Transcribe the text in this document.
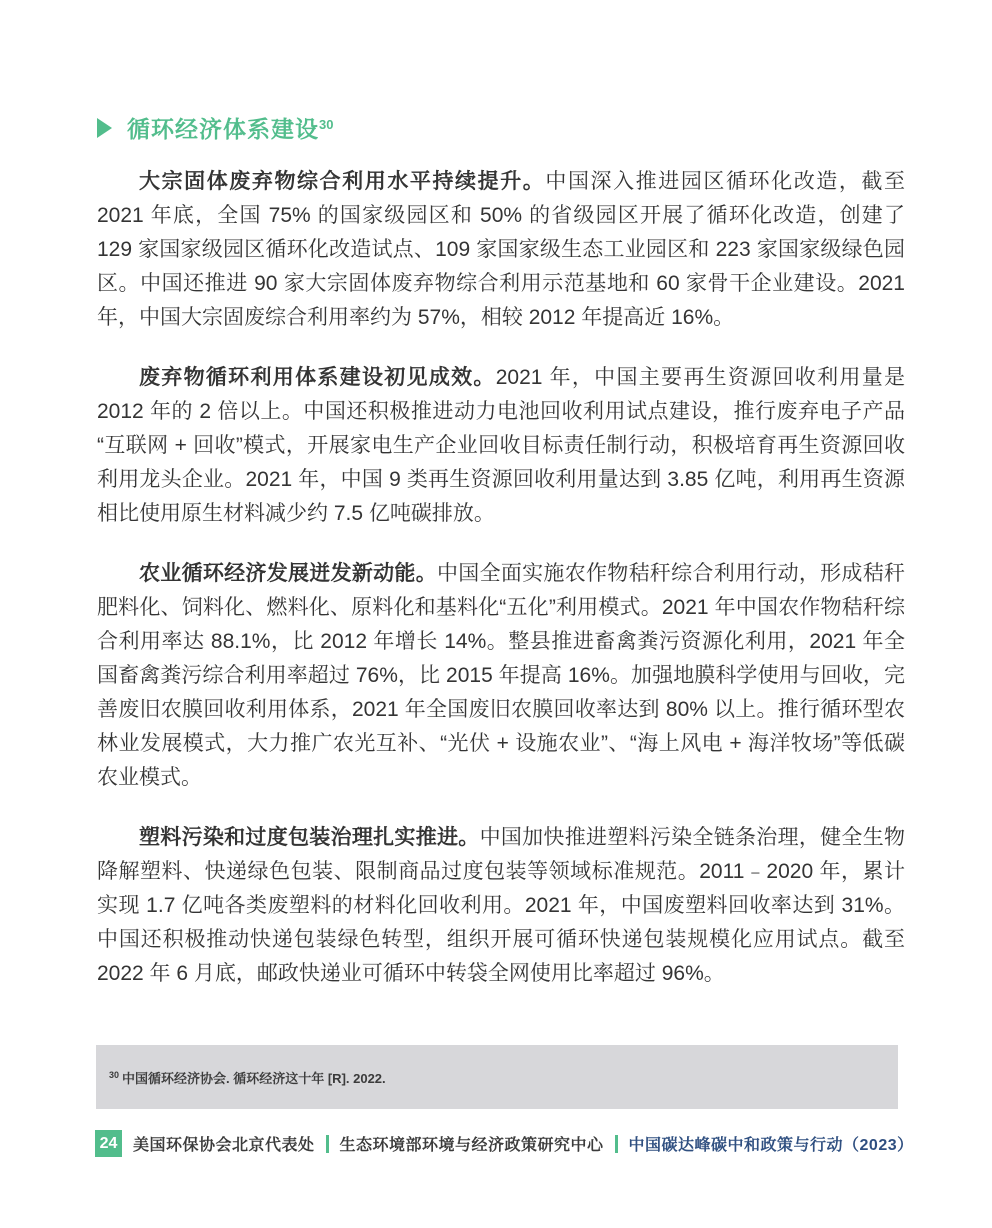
循环经济体系建设$^{30}$

大宗固体废弃物综合利用水平持续提升。中国深入推进园区循环化改造，截至 2021 年底，全国 75% 的国家级园区和 50% 的省级园区开展了循环化改造，创建了 129 家国家级园区循环化改造试点、109 家国家级生态工业园区和 223 家国家级绿色园区。中国还推进 90 家大宗固体废弃物综合利用示范基地和 60 家骨干企业建设。2021 年，中国大宗固废综合利用率约为 57%，相较 2012 年提高近 16%。

废弃物循环利用体系建设初见成效。2021 年，中国主要再生资源回收利用量是 2012 年的 2 倍以上。中国还积极推进动力电池回收利用试点建设，推行废弃电子产品“互联网 + 回收”模式，开展家电生产企业回收目标责任制行动，积极培育再生资源回收利用龙头企业。2021 年，中国 9 类再生资源回收利用量达到 3.85 亿吨，利用再生资源相比使用原生材料减少约 7.5 亿吨碳排放。

农业循环经济发展迸发新动能。中国全面实施农作物秸秆综合利用行动，形成秸秆肥料化、饲料化、燃料化、原料化和基料化“五化”利用模式。2021 年中国农作物秸秆综合利用率达 88.1%，比 2012 年增长 14%。整县推进畜禽粪污资源化利用，2021 年全国畜禽粪污综合利用率超过 76%，比 2015 年提高 16%。加强地膜科学使用与回收，完善废旧农膜回收利用体系，2021 年全国废旧农膜回收率达到 80% 以上。推行循环型农林业发展模式，大力推广农光互补、“光伏 + 设施农业”、“海上风电 + 海洋牧场”等低碳农业模式。

塑料污染和过度包装治理扎实推进。中国加快推进塑料污染全链条治理，健全生物降解塑料、快递绿色包装、限制商品过度包装等领域标准规范。2011﹣2020 年，累计实现 1.7 亿吨各类废塑料的材料化回收利用。2021 年，中国废塑料回收率达到 31%。中国还积极推动快递包装绿色转型，组织开展可循环快递包装规模化应用试点。截至 2022 年 6 月底，邮政快递业可循环中转袋全网使用比率超过 96%。

$^{30}$ 中国循环经济协会. 循环经济这十年 [R]. 2022.
24 美国环保协会北京代表处 生态环境部环境与经济政策研究中心 中国碳达峰碳中和政策与行动（2023）
